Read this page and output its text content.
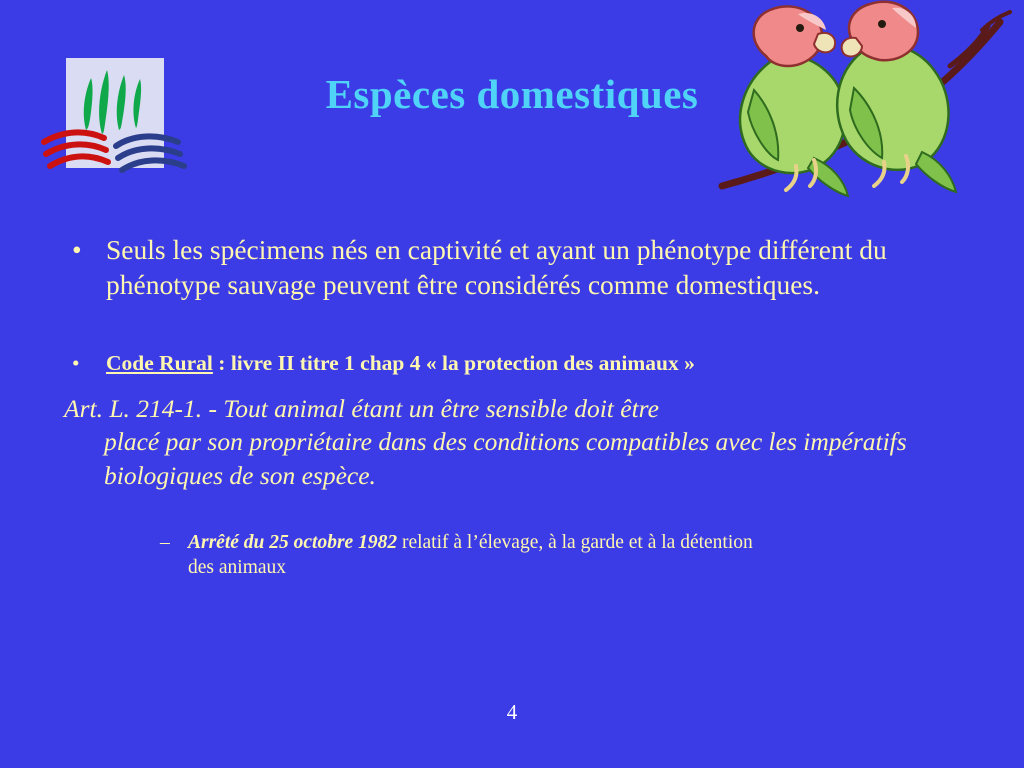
Espèces domestiques
• Seuls les spécimens nés en captivité et ayant un phénotype différent du phénotype sauvage peuvent être considérés comme domestiques.
• Code Rural : livre II titre 1 chap 4 « la protection des animaux »
Art. L. 214-1. - Tout animal étant un être sensible doit être
placé par son propriétaire dans des conditions compatibles avec les impératifs biologiques de son espèce.
– Arrêté du 25 octobre 1982 relatif à l’élevage, à la garde et à la détention
des animaux
4
